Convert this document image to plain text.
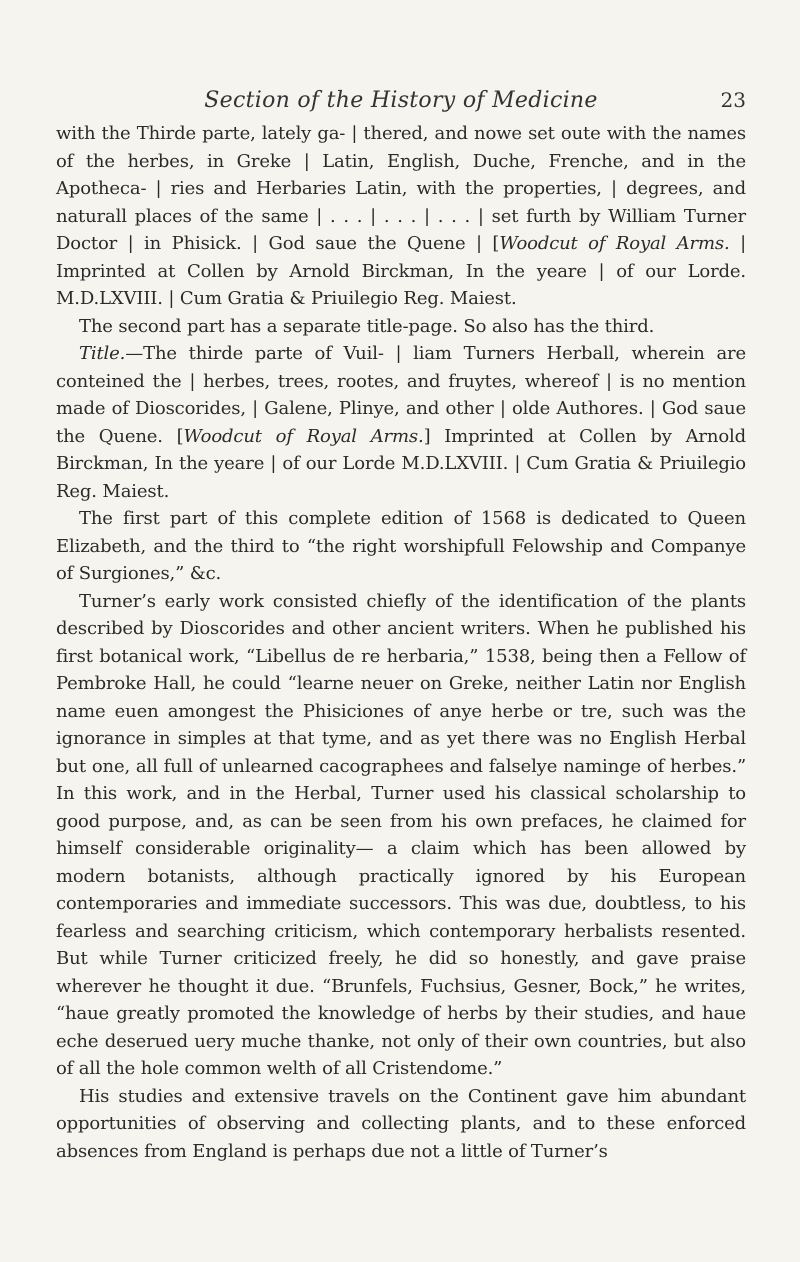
Section of the History of Medicine	23

with the Thirde parte, lately ga- | thered, and nowe set oute with the names of the herbes, in Greke | Latin, English, Duche, Frenche, and in the Apotheca- | ries and Herbaries Latin, with the properties, | degrees, and naturall places of the same | . . . | . . . | . . . | set furth by William Turner Doctor | in Phisick. | God saue the Quene | [Woodcut of Royal Arms. | Imprinted at Collen by Arnold Birckman, In the yeare | of our Lorde. M.D.LXVIII. | Cum Gratia & Priuilegio Reg. Maiest.

The second part has a separate title-page. So also has the third.

Title.—The thirde parte of Vuil- | liam Turners Herball, wherein are conteined the | herbes, trees, rootes, and fruytes, whereof | is no mention made of Dioscorides, | Galene, Plinye, and other | olde Authores. | God saue the Quene. [Woodcut of Royal Arms.] Imprinted at Collen by Arnold Birckman, In the yeare | of our Lorde M.D.LXVIII. | Cum Gratia & Priuilegio Reg. Maiest.

The first part of this complete edition of 1568 is dedicated to Queen Elizabeth, and the third to “the right worshipfull Felowship and Companye of Surgiones,” &c.

Turner’s early work consisted chiefly of the identification of the plants described by Dioscorides and other ancient writers. When he published his first botanical work, “Libellus de re herbaria,” 1538, being then a Fellow of Pembroke Hall, he could “learne neuer on Greke, neither Latin nor English name euen amongest the Phisiciones of anye herbe or tre, such was the ignorance in simples at that tyme, and as yet there was no English Herbal but one, all full of unlearned cacographees and falselye naminge of herbes.” In this work, and in the Herbal, Turner used his classical scholarship to good purpose, and, as can be seen from his own prefaces, he claimed for himself considerable originality— a claim which has been allowed by modern botanists, although practically ignored by his European contemporaries and immediate successors. This was due, doubtless, to his fearless and searching criticism, which contemporary herbalists resented. But while Turner criticized freely, he did so honestly, and gave praise wherever he thought it due. “Brunfels, Fuchsius, Gesner, Bock,” he writes, “haue greatly promoted the knowledge of herbs by their studies, and haue eche deserued uery muche thanke, not only of their own countries, but also of all the hole common welth of all Cristendome.”

His studies and extensive travels on the Continent gave him abundant opportunities of observing and collecting plants, and to these enforced absences from England is perhaps due not a little of Turner’s
